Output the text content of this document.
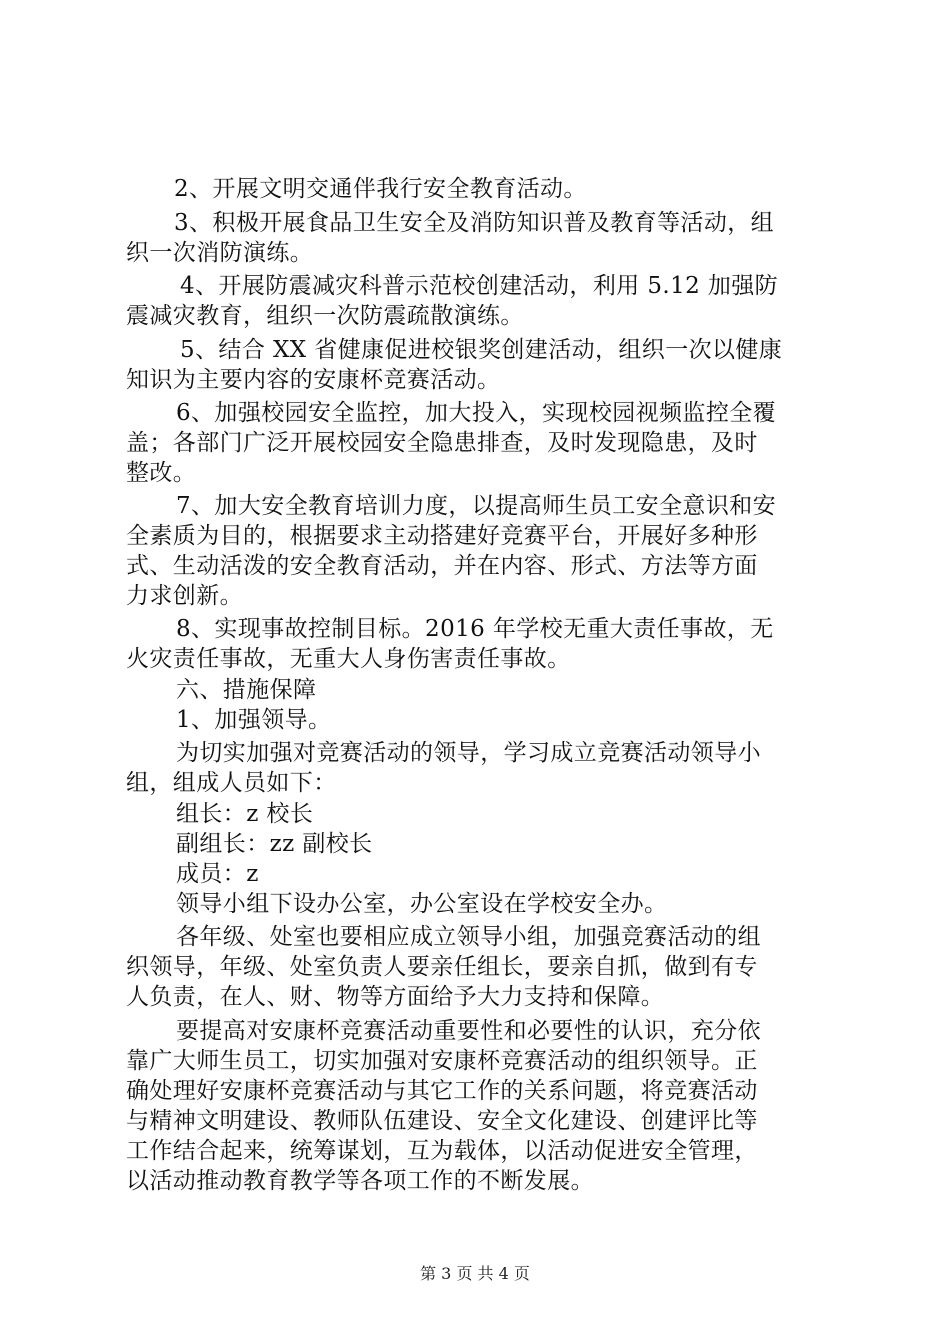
2、开展文明交通伴我行安全教育活动。
3、积极开展食品卫生安全及消防知识普及教育等活动，组
织一次消防演练。
4、开展防震减灾科普示范校创建活动，利用 5.12 加强防
震减灾教育，组织一次防震疏散演练。
5、结合 XX 省健康促进校银奖创建活动，组织一次以健康
知识为主要内容的安康杯竞赛活动。
6、加强校园安全监控，加大投入，实现校园视频监控全覆
盖；各部门广泛开展校园安全隐患排查，及时发现隐患，及时
整改。
7、加大安全教育培训力度，以提高师生员工安全意识和安
全素质为目的，根据要求主动搭建好竞赛平台，开展好多种形
式、生动活泼的安全教育活动，并在内容、形式、方法等方面
力求创新。
8、实现事故控制目标。2016 年学校无重大责任事故，无
火灾责任事故，无重大人身伤害责任事故。
六、措施保障
1、加强领导。
为切实加强对竞赛活动的领导，学习成立竞赛活动领导小
组，组成人员如下：
组长：z 校长
副组长：zz 副校长
成员：z
领导小组下设办公室，办公室设在学校安全办。
各年级、处室也要相应成立领导小组，加强竞赛活动的组
织领导，年级、处室负责人要亲任组长，要亲自抓，做到有专
人负责，在人、财、物等方面给予大力支持和保障。
要提高对安康杯竞赛活动重要性和必要性的认识，充分依
靠广大师生员工，切实加强对安康杯竞赛活动的组织领导。正
确处理好安康杯竞赛活动与其它工作的关系问题，将竞赛活动
与精神文明建设、教师队伍建设、安全文化建设、创建评比等
工作结合起来，统筹谋划，互为载体，以活动促进安全管理，
以活动推动教育教学等各项工作的不断发展。
第 3 页 共 4 页
